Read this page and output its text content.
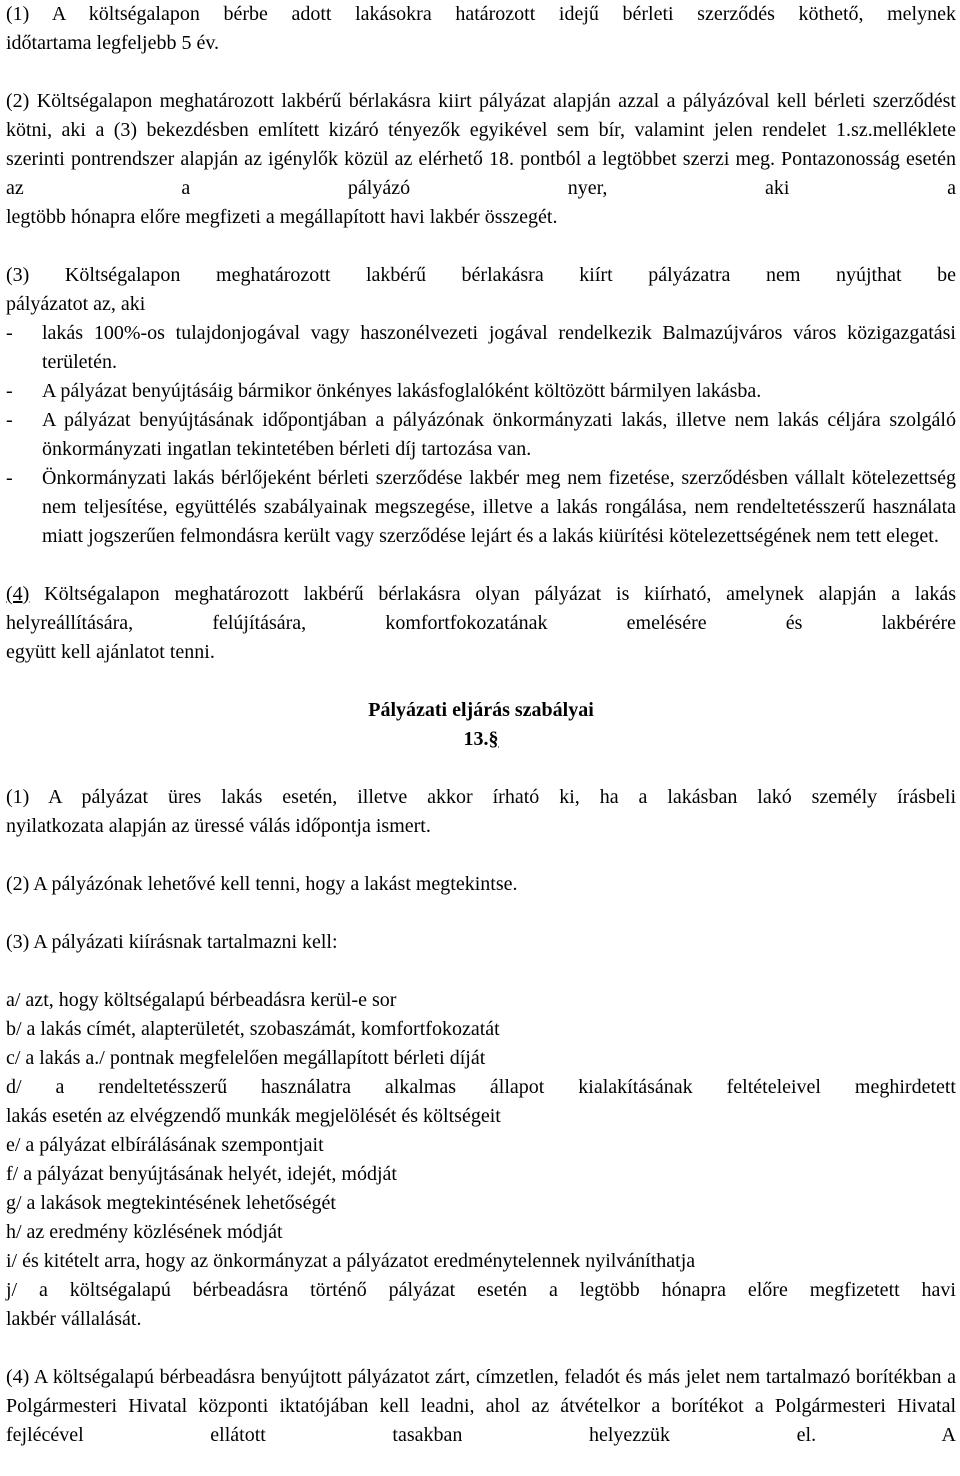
(1) A költségalapon bérbe adott lakásokra határozott idejű bérleti szerződés köthető, melynek

időtartama legfeljebb 5 év.

(2) Költségalapon meghatározott lakbérű bérlakásra kiirt pályázat alapján azzal a pályázóval kell bérleti szerződést kötni, aki a (3) bekezdésben említett kizáró tényezők egyikével sem bír, valamint jelen rendelet 1.sz.melléklete szerinti pontrendszer alapján az igénylők közül az elérhető 18. pontból a legtöbbet szerzi meg. Pontazonosság esetén az a pályázó nyer, aki a

legtöbb hónapra előre megfizeti a megállapított havi lakbér összegét.

(3) Költségalapon meghatározott lakbérű bérlakásra kiírt pályázatra nem nyújthat be

pályázatot az, aki

-	lakás 100%-os tulajdonjogával vagy haszonélvezeti jogával rendelkezik Balmazújváros város közigazgatási területén.
-	A pályázat benyújtásáig bármikor önkényes lakásfoglalóként költözött bármilyen lakásba.
-	A pályázat benyújtásának időpontjában a pályázónak önkormányzati lakás, illetve nem lakás céljára szolgáló önkormányzati ingatlan tekintetében bérleti díj tartozása van.
-	Önkormányzati lakás bérlőjeként bérleti szerződése lakbér meg nem fizetése, szerződésben vállalt kötelezettség nem teljesítése, együttélés szabályainak megszegése, illetve a lakás rongálása, nem rendeltetésszerű használata miatt jogszerűen felmondásra került vagy szerződése lejárt és a lakás kiürítési kötelezettségének nem tett eleget.

(4) Költségalapon meghatározott lakbérű bérlakásra olyan pályázat is kiírható, amelynek alapján a lakás helyreállítására, felújítására, komfortfokozatának emelésére és lakbérére

együtt kell ajánlatot tenni.

Pályázati eljárás szabályai

13.§

(1) A pályázat üres lakás esetén, illetve akkor írható ki, ha a lakásban lakó személy írásbeli

nyilatkozata alapján az üressé válás időpontja ismert.

(2) A pályázónak lehetővé kell tenni, hogy a lakást megtekintse.

(3) A pályázati kiírásnak tartalmazni kell:

a/ azt, hogy költségalapú bérbeadásra kerül-e sor

b/ a lakás címét, alapterületét, szobaszámát, komfortfokozatát

c/ a lakás a./ pontnak megfelelően megállapított bérleti díját

d/ a rendeltetésszerű használatra alkalmas állapot kialakításának feltételeivel meghirdetett

lakás esetén az elvégzendő munkák megjelölését és költségeit

e/ a pályázat elbírálásának szempontjait

f/ a pályázat benyújtásának helyét, idejét, módját

g/ a lakások megtekintésének lehetőségét

h/ az eredmény közlésének módját

i/ és kitételt arra, hogy az önkormányzat a pályázatot eredménytelennek nyilváníthatja

j/ a költségalapú bérbeadásra történő pályázat esetén a legtöbb hónapra előre megfizetett havi

lakbér vállalását.

(4) A költségalapú bérbeadásra benyújtott pályázatot zárt, címzetlen, feladót és más jelet nem tartalmazó borítékban a Polgármesteri Hivatal központi iktatójában kell leadni, ahol az átvételkor a borítékot a Polgármesteri Hivatal fejlécével ellátott tasakban helyezzük el. A
